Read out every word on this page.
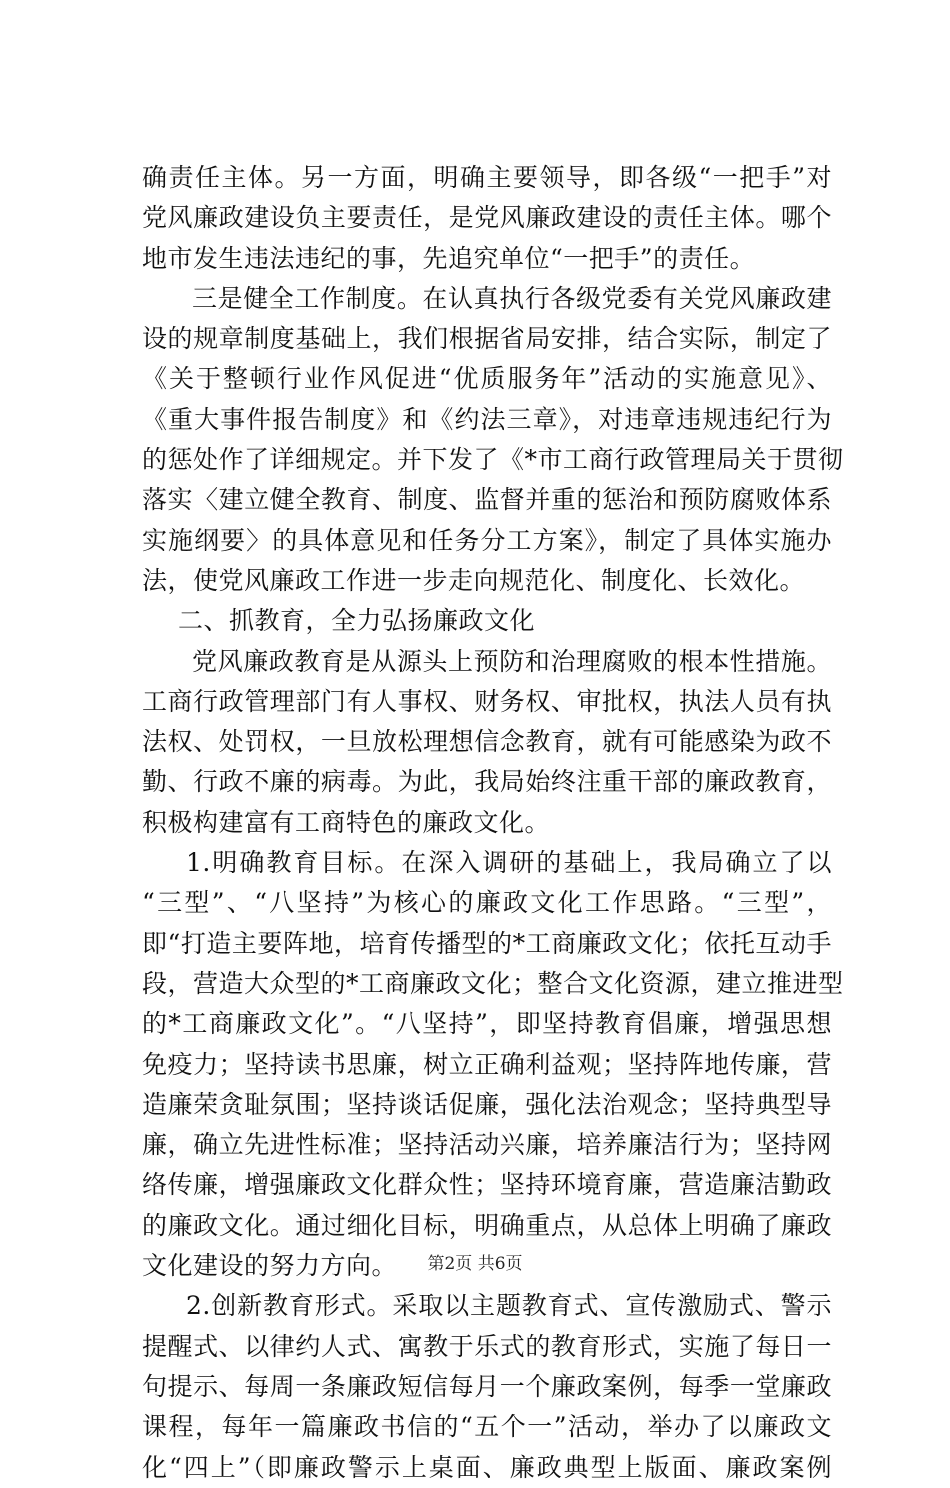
确责任主体。另一方面，明确主要领导，即各级“一把手”对
党风廉政建设负主要责任，是党风廉政建设的责任主体。哪个
地市发生违法违纪的事，先追究单位“一把手”的责任。
三是健全工作制度。在认真执行各级党委有关党风廉政建
设的规章制度基础上，我们根据省局安排，结合实际，制定了
《关于整顿行业作风促进“优质服务年”活动的实施意见》、
《重大事件报告制度》和《约法三章》，对违章违规违纪行为
的惩处作了详细规定。并下发了《*市工商行政管理局关于贯彻
落实〈建立健全教育、制度、监督并重的惩治和预防腐败体系
实施纲要〉的具体意见和任务分工方案》，制定了具体实施办
法，使党风廉政工作进一步走向规范化、制度化、长效化。
二、抓教育，全力弘扬廉政文化
党风廉政教育是从源头上预防和治理腐败的根本性措施。
工商行政管理部门有人事权、财务权、审批权，执法人员有执
法权、处罚权，一旦放松理想信念教育，就有可能感染为政不
勤、行政不廉的病毒。为此，我局始终注重干部的廉政教育，
积极构建富有工商特色的廉政文化。
1.明确教育目标。在深入调研的基础上，我局确立了以
“三型”、“八坚持”为核心的廉政文化工作思路。“三型”，
即“打造主要阵地，培育传播型的*工商廉政文化；依托互动手
段，营造大众型的*工商廉政文化；整合文化资源，建立推进型
的*工商廉政文化”。“八坚持”，即坚持教育倡廉，增强思想
免疫力；坚持读书思廉，树立正确利益观；坚持阵地传廉，营
造廉荣贪耻氛围；坚持谈话促廉，强化法治观念；坚持典型导
廉，确立先进性标准；坚持活动兴廉，培养廉洁行为；坚持网
络传廉，增强廉政文化群众性；坚持环境育廉，营造廉洁勤政
的廉政文化。通过细化目标，明确重点，从总体上明确了廉政
文化建设的努力方向。
2.创新教育形式。采取以主题教育式、宣传激励式、警示
提醒式、以律约人式、寓教于乐式的教育形式，实施了每日一
句提示、每周一条廉政短信每月一个廉政案例，每季一堂廉政
课程，每年一篇廉政书信的“五个一”活动，举办了以廉政文
化“四上”（即廉政警示上桌面、廉政典型上版面、廉政案例
第2页 共6页
